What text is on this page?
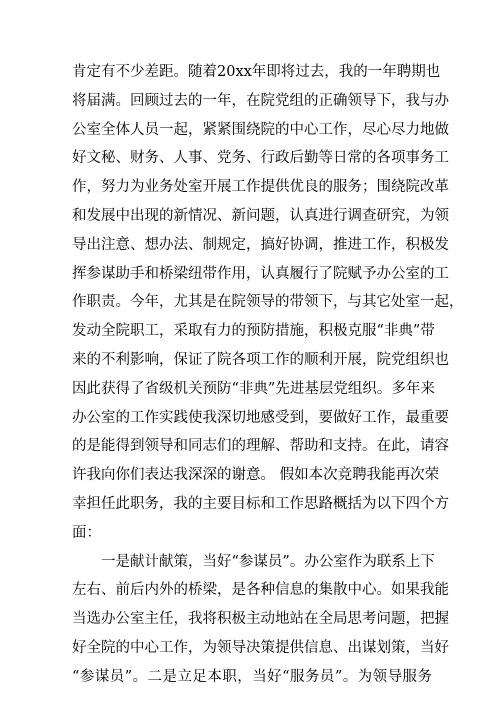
肯定有不少差距。随着20xx年即将过去，我的一年聘期也
将届满。回顾过去的一年，在院党组的正确领导下，我与办
公室全体人员一起，紧紧围绕院的中心工作，尽心尽力地做
好文秘、财务、人事、党务、行政后勤等日常的各项事务工
作，努力为业务处室开展工作提供优良的服务；围绕院改革
和发展中出现的新情况、新问题，认真进行调查研究，为领
导出注意、想办法、制规定，搞好协调，推进工作，积极发
挥参谋助手和桥梁纽带作用，认真履行了院赋予办公室的工
作职责。今年，尤其是在院领导的带领下，与其它处室一起，
发动全院职工，采取有力的预防措施，积极克服“非典”带
来的不利影响，保证了院各项工作的顺利开展，院党组织也
因此获得了省级机关预防“非典”先进基层党组织。多年来
办公室的工作实践使我深切地感受到，要做好工作，最重要
的是能得到领导和同志们的理解、帮助和支持。在此，请容
许我向你们表达我深深的谢意。 假如本次竞聘我能再次荣
幸担任此职务，我的主要目标和工作思路概括为以下四个方
面：
一是献计献策，当好“参谋员”。办公室作为联系上下
左右、前后内外的桥梁，是各种信息的集散中心。如果我能
当选办公室主任，我将积极主动地站在全局思考问题，把握
好全院的中心工作，为领导决策提供信息、出谋划策，当好
“参谋员”。二是立足本职，当好“服务员”。为领导服务
